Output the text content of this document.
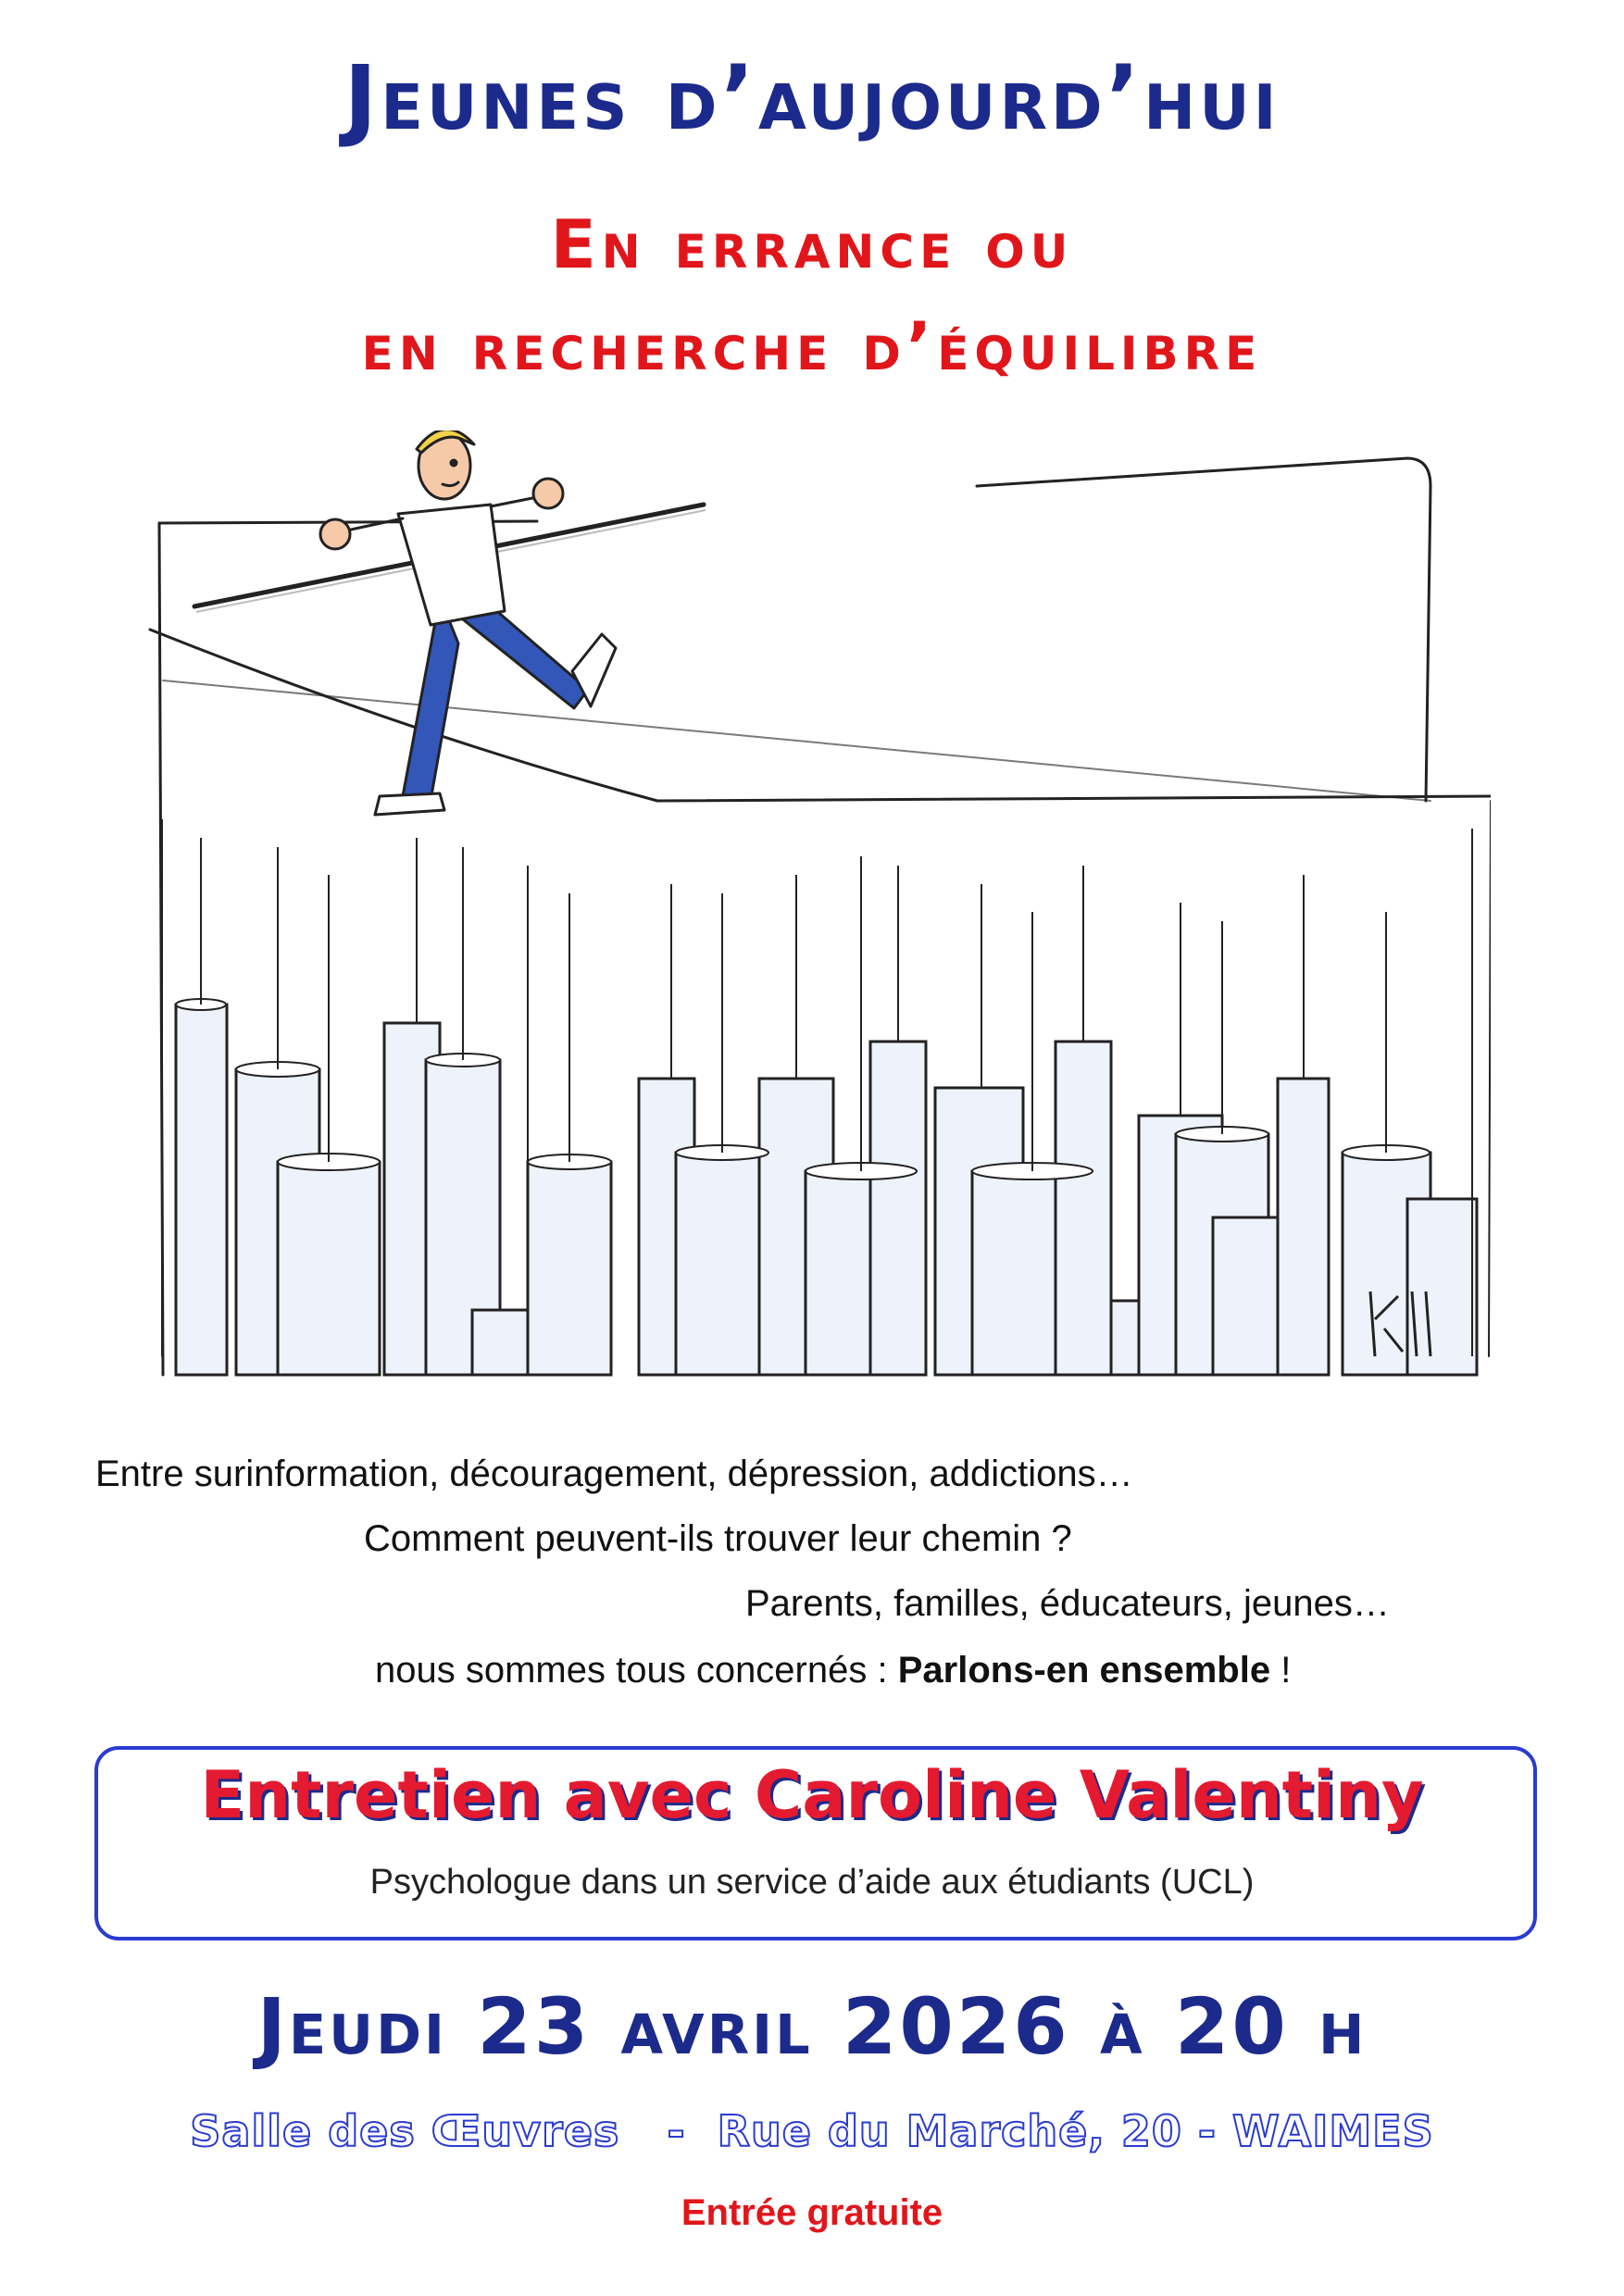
Jeunes d’aujourd’hui
En errance ou
en recherche d’équilibre
Entre surinformation, découragement, dépression, addictions…
Comment peuvent-ils trouver leur chemin ?
Parents, familles, éducateurs, jeunes…
nous sommes tous concernés : Parlons-en ensemble !
Entretien avec Caroline Valentiny
Psychologue dans un service d’aide aux étudiants (UCL)
Jeudi 23 avril 2026 à 20 h
Salle des Œuvres   -  Rue du Marché, 20 - WAIMES
Entrée gratuite
